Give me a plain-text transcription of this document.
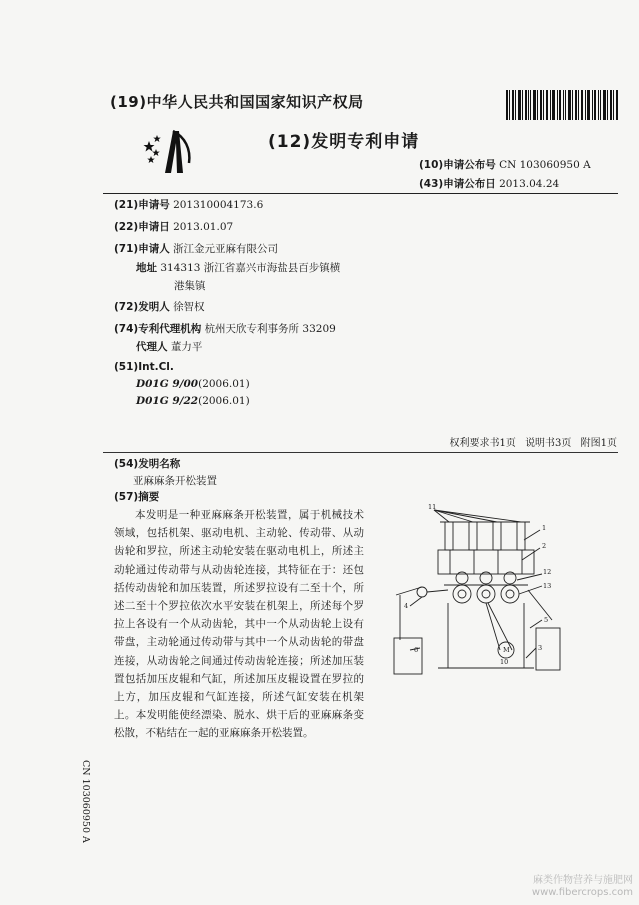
(19)中华人民共和国国家知识产权局
(12)发明专利申请
(10)申请公布号 CN 103060950 A
(43)申请公布日 2013.04.24
(21)申请号 201310004173.6
(22)申请日 2013.01.07
(71)申请人 浙江金元亚麻有限公司
地址 314313 浙江省嘉兴市海盐县百步镇横
港集镇
(72)发明人 徐智权
(74)专利代理机构 杭州天欣专利事务所 33209
代理人 董力平
(51)Int.Cl.
D01G 9/00(2006.01)
D01G 9/22(2006.01)
权利要求书1页 说明书3页 附图1页
(54)发明名称
亚麻麻条开松装置
(57)摘要
本发明是一种亚麻麻条开松装置，属于机械技术领域，包括机架、驱动电机、主动轮、传动带、从动齿轮和罗拉，所述主动轮安装在驱动电机上，所述主动轮通过传动带与从动齿轮连接，其特征在于：还包括传动齿轮和加压装置，所述罗拉设有二至十个，所述二至十个罗拉依次水平安装在机架上，所述每个罗拉上各设有一个从动齿轮，其中一个从动齿轮上设有带盘，主动轮通过传动带与其中一个从动齿轮的带盘连接，从动齿轮之间通过传动齿轮连接；所述加压装置包括加压皮辊和气缸，所述加压皮辊设置在罗拉的上方，加压皮辊和气缸连接，所述气缸安装在机架上。本发明能使经漂染、脱水、烘干后的亚麻麻条变松散，不粘结在一起的亚麻麻条开松装置。
11
1
2
12
13
4
5
3
6
10
M
CN 103060950 A
麻类作物营养与施肥网
www.fibercrops.com
